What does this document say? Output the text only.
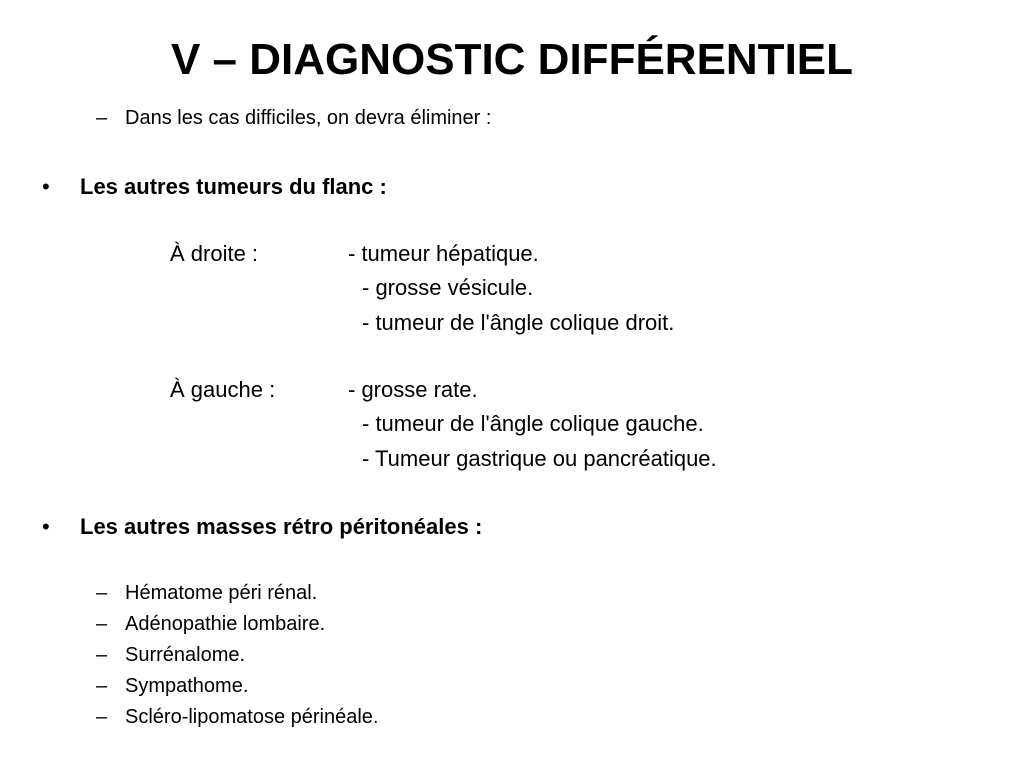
V – DIAGNOSTIC DIFFÉRENTIEL
– Dans les cas difficiles, on devra éliminer :
• Les autres tumeurs du flanc :
À droite :	- tumeur hépatique.
- grosse vésicule.
- tumeur de l'ângle colique droit.
À gauche :	- grosse rate.
- tumeur de l'ângle colique gauche.
- Tumeur gastrique ou pancréatique.
• Les autres masses rétro péritonéales :
– Hématome péri rénal.
– Adénopathie lombaire.
– Surrénalome.
– Sympathome.
– Scléro-lipomatose périnéale.
